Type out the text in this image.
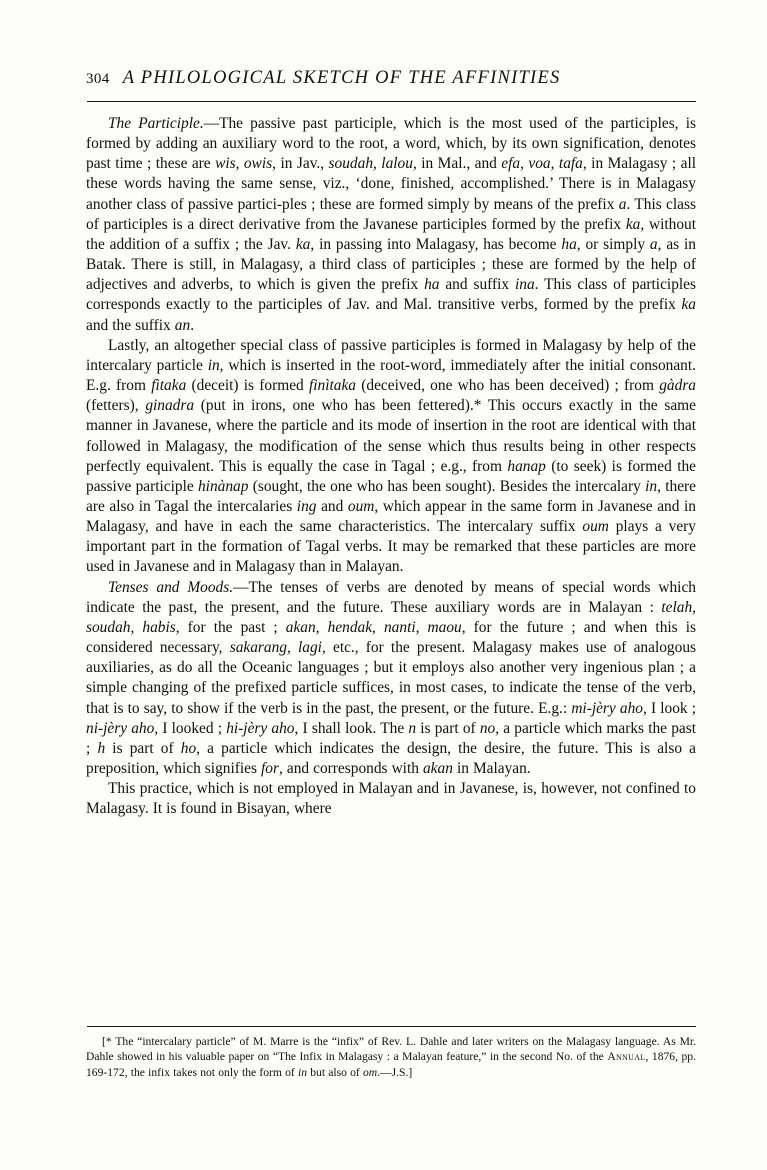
304 A PHILOLOGICAL SKETCH OF THE AFFINITIES

The Participle.—The passive past participle, which is the most used of the participles, is formed by adding an auxiliary word to the root, a word, which, by its own signification, denotes past time ; these are wis, owis, in Jav., soudah, lalou, in Mal., and efa, voa, tafa, in Malagasy ; all these words having the same sense, viz., ‘done, finished, accomplished.’ There is in Malagasy another class of passive partici‐ples ; these are formed simply by means of the prefix a. This class of participles is a direct derivative from the Javanese participles formed by the prefix ka, without the addition of a suffix ; the Jav. ka, in passing into Malagasy, has become ha, or simply a, as in Batak. There is still, in Malagasy, a third class of participles ; these are formed by the help of adjectives and adverbs, to which is given the prefix ha and suffix ina. This class of participles corresponds exactly to the participles of Jav. and Mal. transitive verbs, formed by the prefix ka and the suffix an.

Lastly, an altogether special class of passive participles is formed in Malagasy by help of the intercalary particle in, which is inserted in the root-word, immediately after the initial consonant. E.g. from fìtaka (deceit) is formed finìtaka (deceived, one who has been deceived) ; from gàdra (fetters), ginadra (put in irons, one who has been fettered).* This occurs exactly in the same manner in Javanese, where the particle and its mode of insertion in the root are identical with that followed in Malagasy, the modification of the sense which thus results being in other respects perfectly equivalent. This is equally the case in Tagal ; e.g., from hanap (to seek) is formed the passive participle hinànap (sought, the one who has been sought). Besides the intercalary in, there are also in Tagal the intercalaries ing and oum, which appear in the same form in Javanese and in Malagasy, and have in each the same characteristics. The intercalary suffix oum plays a very important part in the formation of Tagal verbs. It may be remarked that these particles are more used in Javanese and in Malagasy than in Malayan.

Tenses and Moods.—The tenses of verbs are denoted by means of special words which indicate the past, the present, and the future. These auxiliary words are in Malayan : telah, soudah, habis, for the past ; akan, hendak, nanti, maou, for the future ; and when this is considered necessary, sakarang, lagi, etc., for the present. Malagasy makes use of analogous auxiliaries, as do all the Oceanic languages ; but it employs also another very ingenious plan ; a simple changing of the prefixed particle suffices, in most cases, to indicate the tense of the verb, that is to say, to show if the verb is in the past, the present, or the future. E.g.: mi-jèry aho, I look ; ni-jèry aho, I looked ; hi-jèry aho, I shall look. The n is part of no, a particle which marks the past ; h is part of ho, a particle which indicates the design, the desire, the future. This is also a preposition, which signifies for, and corresponds with akan in Malayan.

This practice, which is not employed in Malayan and in Javanese, is, however, not confined to Malagasy. It is found in Bisayan, where

[* The “intercalary particle” of M. Marre is the “infix” of Rev. L. Dahle and later writers on the Malagasy language. As Mr. Dahle showed in his valuable paper on “The Infix in Malagasy : a Malayan feature,” in the second No. of the Annual, 1876, pp. 169-172, the infix takes not only the form of in but also of om.—J.S.]
